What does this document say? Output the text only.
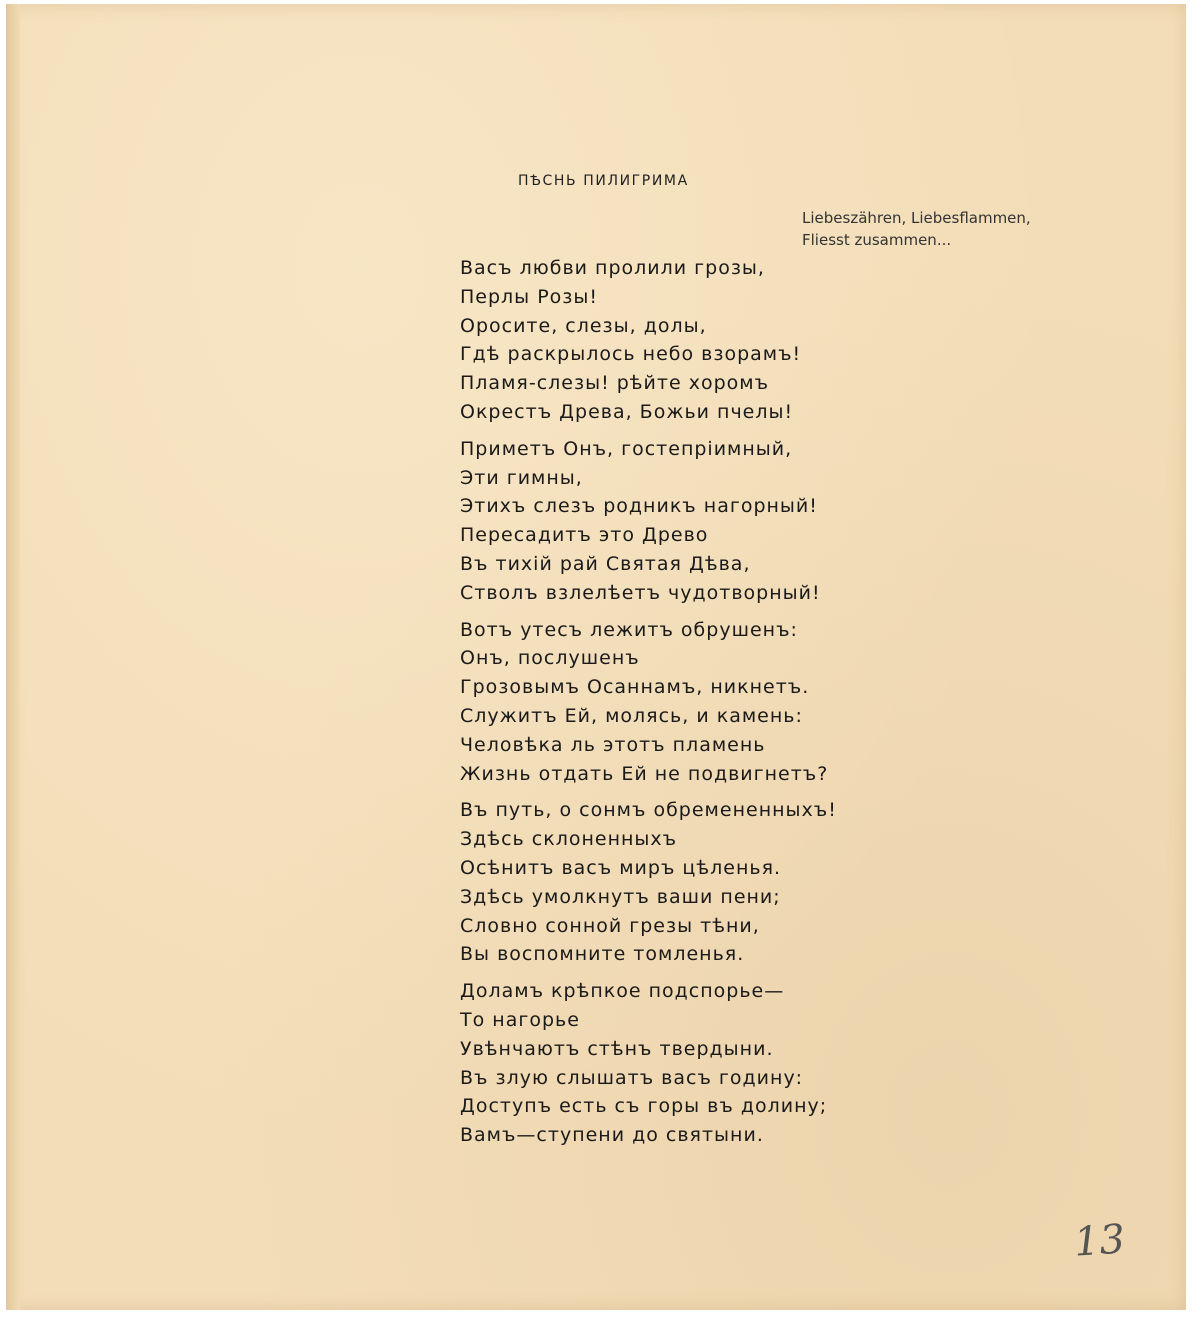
ПѢСНЬ ПИЛИГРИМА
Liebeszähren, Liebesflammen,
Fliesst zusammen...
Васъ любви пролили грозы,
Перлы Розы!
Оросите, слезы, долы,
Гдѣ раскрылось небо взорамъ!
Пламя-слезы! рѣйте хоромъ
Окрестъ Древа, Божьи пчелы!
Приметъ Онъ, гостепріимный,
Эти гимны,
Этихъ слезъ родникъ нагорный!
Пересадитъ это Древо
Въ тихій рай Святая Дѣва,
Стволъ взлелѣетъ чудотворный!
Вотъ утесъ лежитъ обрушенъ:
Онъ, послушенъ
Грозовымъ Осаннамъ, никнетъ.
Служитъ Ей, молясь, и камень:
Человѣка ль этотъ пламень
Жизнь отдать Ей не подвигнетъ?
Въ путь, о сонмъ обремененныхъ!
Здѣсь склоненныхъ
Осѣнитъ васъ миръ цѣленья.
Здѣсь умолкнутъ ваши пени;
Словно сонной грезы тѣни,
Вы воспомните томленья.
Доламъ крѣпкое подспорье—
То нагорье
Увѣнчаютъ стѣнъ твердыни.
Въ злую слышатъ васъ годину:
Доступъ есть съ горы въ долину;
Вамъ—ступени до святыни.
13
